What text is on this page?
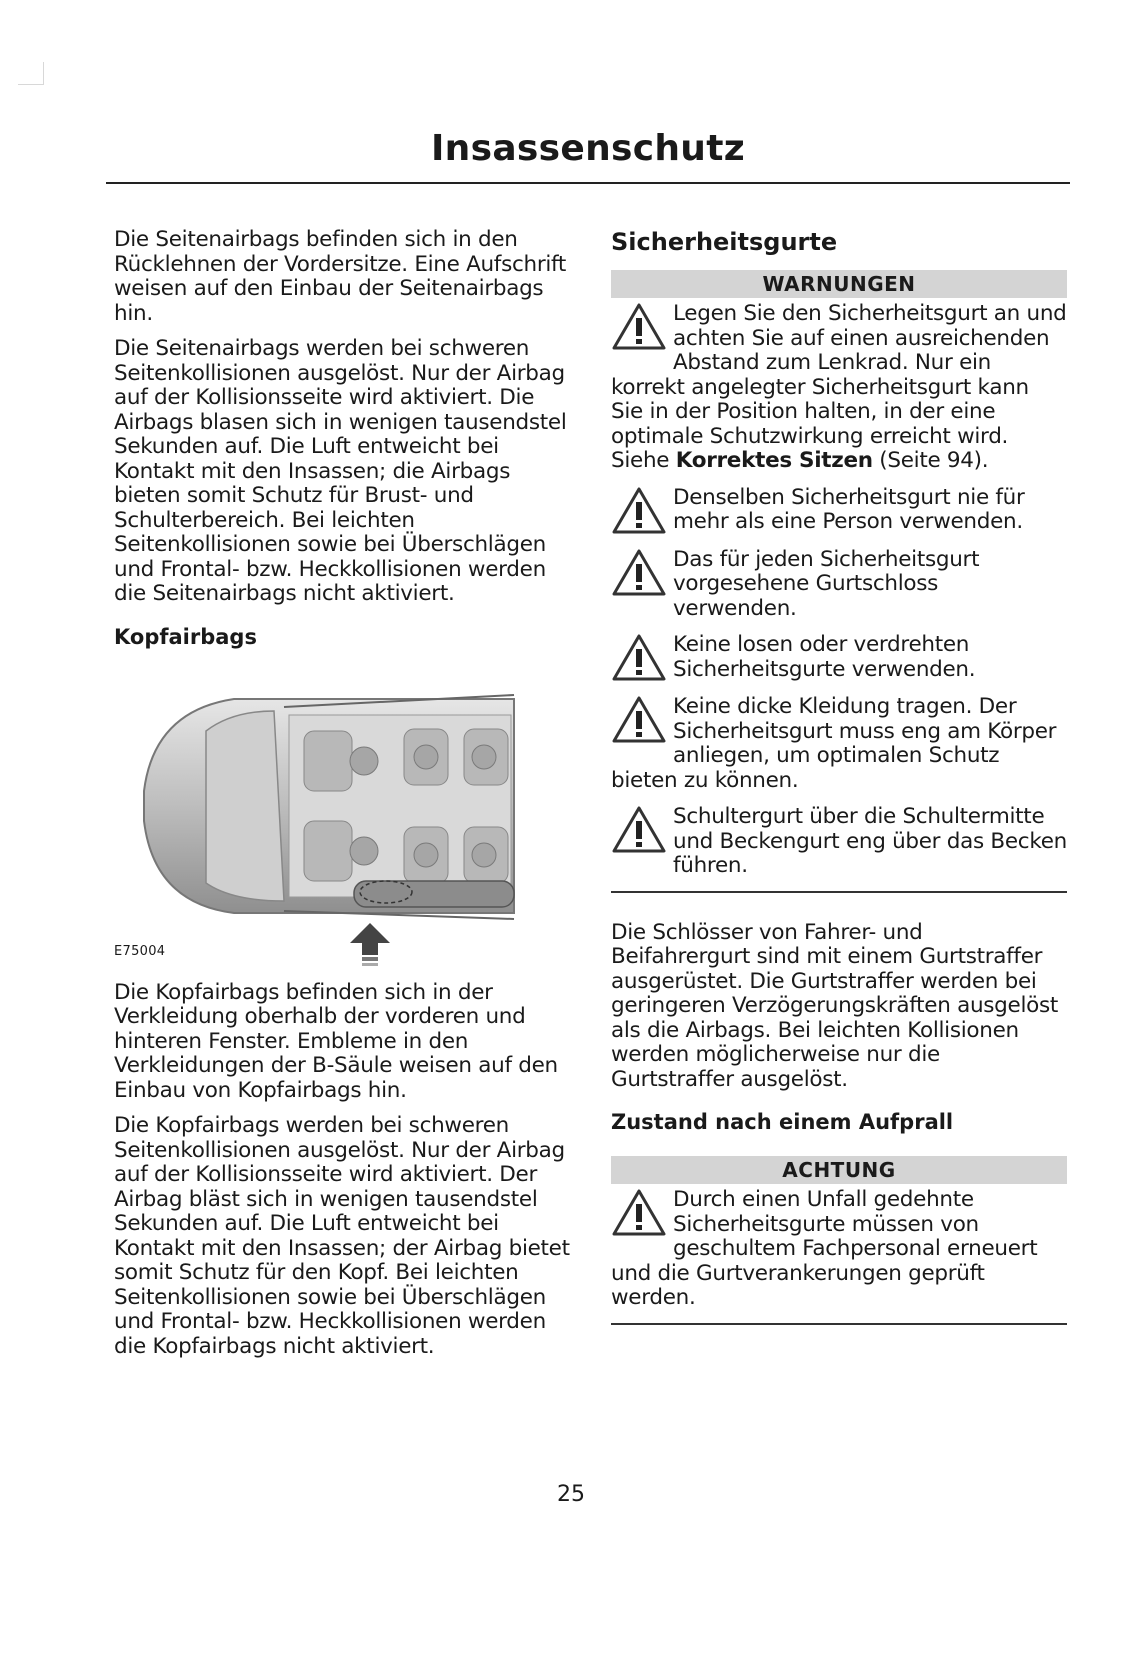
Insassenschutz

Die Seitenairbags befinden sich in den Rücklehnen der Vordersitze. Eine Aufschrift weisen auf den Einbau der Seitenairbags hin.

Die Seitenairbags werden bei schweren Seitenkollisionen ausgelöst. Nur der Airbag auf der Kollisionsseite wird aktiviert. Die Airbags blasen sich in wenigen tausendstel Sekunden auf. Die Luft entweicht bei Kontakt mit den Insassen; die Airbags bieten somit Schutz für Brust- und Schulterbereich. Bei leichten Seitenkollisionen sowie bei Überschlägen und Frontal- bzw. Heckkollisionen werden die Seitenairbags nicht aktiviert.

Kopfairbags
E75004

Die Kopfairbags befinden sich in der Verkleidung oberhalb der vorderen und hinteren Fenster. Embleme in den Verkleidungen der B-Säule weisen auf den Einbau von Kopfairbags hin.

Die Kopfairbags werden bei schweren Seitenkollisionen ausgelöst. Nur der Airbag auf der Kollisionsseite wird aktiviert. Der Airbag bläst sich in wenigen tausendstel Sekunden auf. Die Luft entweicht bei Kontakt mit den Insassen; der Airbag bietet somit Schutz für den Kopf. Bei leichten Seitenkollisionen sowie bei Überschlägen und Frontal- bzw. Heckkollisionen werden die Kopfairbags nicht aktiviert.

Sicherheitsgurte
WARNUNGEN
Legen Sie den Sicherheitsgurt an und achten Sie auf einen ausreichenden Abstand zum Lenkrad. Nur ein korrekt angelegter Sicherheitsgurt kann Sie in der Position halten, in der eine optimale Schutzwirkung erreicht wird. Siehe Korrektes Sitzen (Seite 94).
Denselben Sicherheitsgurt nie für mehr als eine Person verwenden.
Das für jeden Sicherheitsgurt vorgesehene Gurtschloss verwenden.
Keine losen oder verdrehten Sicherheitsgurte verwenden.
Keine dicke Kleidung tragen. Der Sicherheitsgurt muss eng am Körper anliegen, um optimalen Schutz bieten zu können.
Schultergurt über die Schultermitte und Beckengurt eng über das Becken führen.

Die Schlösser von Fahrer- und Beifahrergurt sind mit einem Gurtstraffer ausgerüstet. Die Gurtstraffer werden bei geringeren Verzögerungskräften ausgelöst als die Airbags. Bei leichten Kollisionen werden möglicherweise nur die Gurtstraffer ausgelöst.

Zustand nach einem Aufprall
ACHTUNG
Durch einen Unfall gedehnte Sicherheitsgurte müssen von geschultem Fachpersonal erneuert und die Gurtverankerungen geprüft werden.
25
